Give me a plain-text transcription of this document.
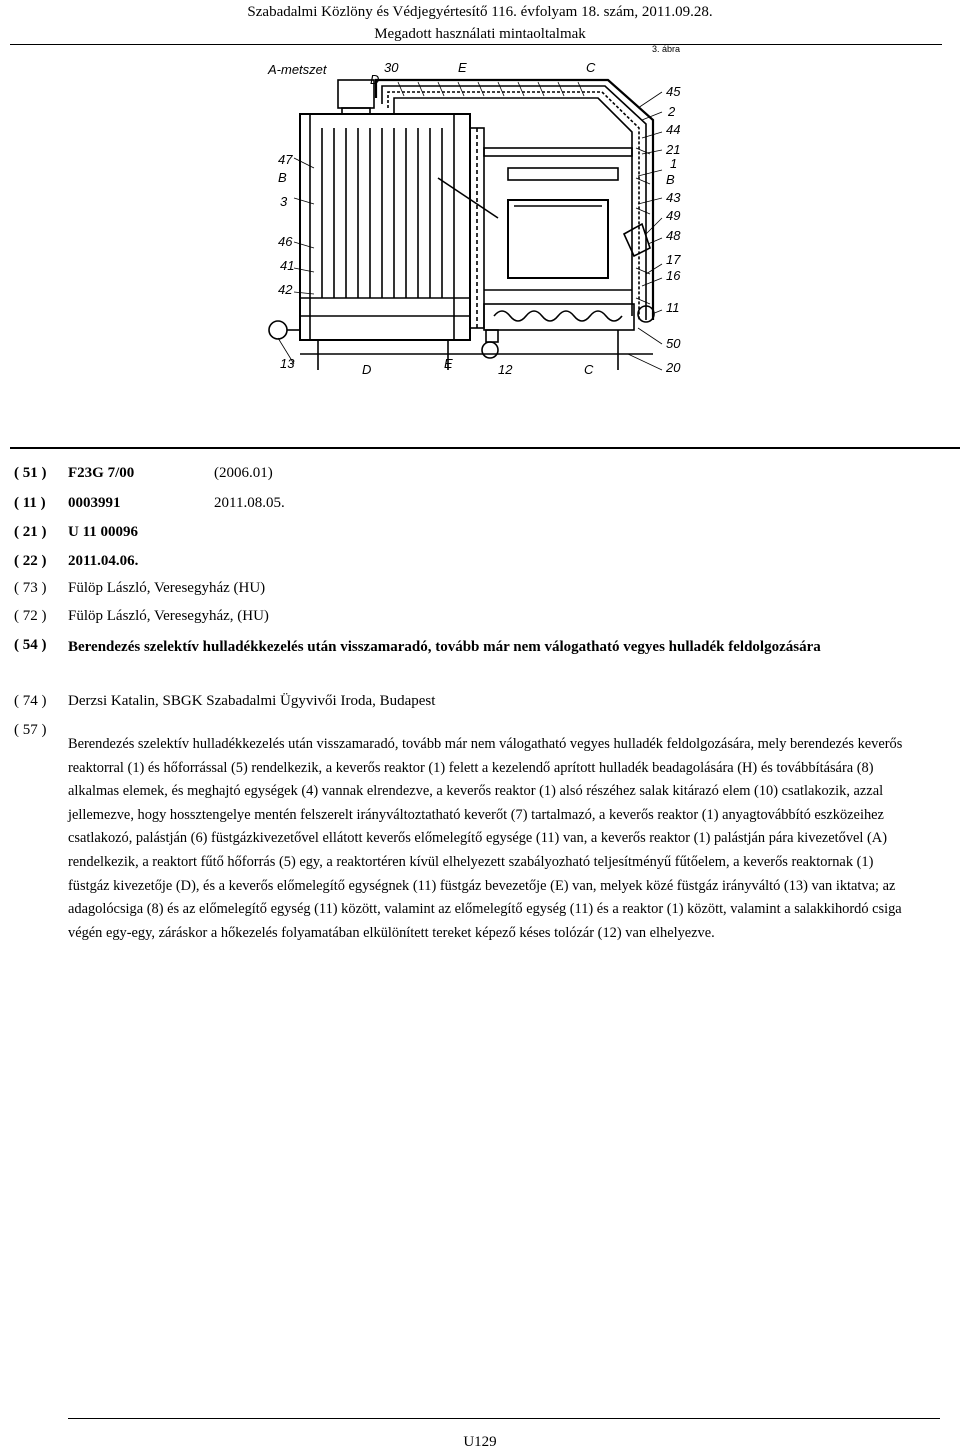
Szabadalmi Közlöny és Védjegyértesítő 116. évfolyam 18. szám, 2011.09.28.
Megadott használati mintaoltalmak
3. ábra
A-metszet	30
D
E	C
47
B
3
46
41
42
13
45
2
44
21
1
B
43
49
48
17
16
11
50
20
D	E	12	C
( 51 ) F23G 7/00	(2006.01)
( 11 ) 0003991	2011.08.05.
( 21 ) U 11 00096
( 22 ) 2011.04.06.
( 73 ) Fülöp László, Veresegyház (HU)
( 72 ) Fülöp László, Veresegyház, (HU)
( 54 )	Berendezés szelektív hulladékkezelés után visszamaradó, tovább már nem válogatható vegyes hulladék feldolgozására
( 74 ) Derzsi Katalin, SBGK Szabadalmi Ügyvivői Iroda, Budapest
( 57 )
Berendezés szelektív hulladékkezelés után visszamaradó, tovább már nem válogatható vegyes hulladék feldolgozására, mely berendezés keverős reaktorral (1) és hőforrással (5) rendelkezik, a keverős reaktor (1) felett a kezelendő aprított hulladék beadagolására (H) és továbbítására (8) alkalmas elemek, és meghajtó egységek (4) vannak elrendezve, a keverős reaktor (1) alsó részéhez salak kitárazó elem (10) csatlakozik, azzal jellemezve, hogy hossztengelye mentén felszerelt irányváltoztatható keverőt (7) tartalmazó, a keverős reaktor (1) anyagtovábbító eszközeihez csatlakozó, palástján (6) füstgázkivezetővel ellátott keverős előmelegítő egysége (11) van, a keverős reaktor (1) palástján pára kivezetővel (A) rendelkezik, a reaktort fűtő hőforrás (5) egy, a reaktortéren kívül elhelyezett szabályozható teljesítményű fűtőelem, a keverős reaktornak (1) füstgáz kivezetője (D), és a keverős előmelegítő egységnek (11) füstgáz bevezetője (E) van, melyek közé füstgáz irányváltó (13) van iktatva; az adagolócsiga (8) és az előmelegítő egység (11) között, valamint az előmelegítő egység (11) és a reaktor (1) között, valamint a salakkihordó csiga végén egy-egy, záráskor a hőkezelés folyamatában elkülönített tereket képező késes tolózár (12) van elhelyezve.
U129
